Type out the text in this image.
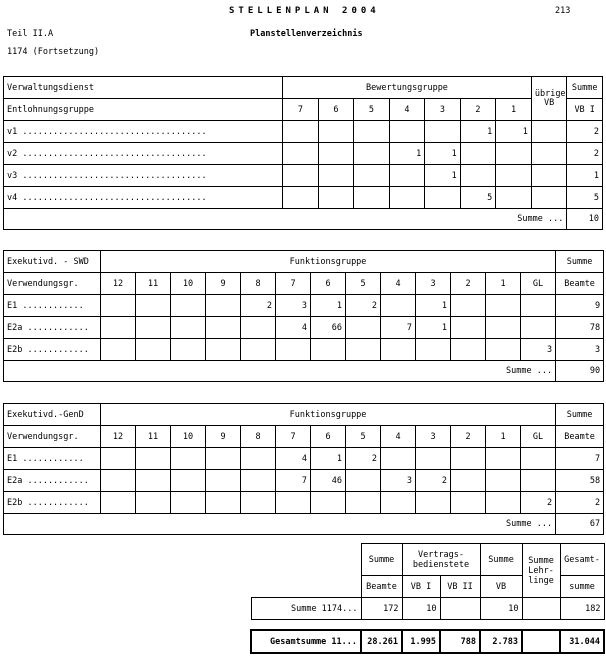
STELLENPLAN 2004	213
Teil II.A	Planstellenverzeichnis
1174 (Fortsetzung)
Verwaltungsdienst	Bewertungsgruppe							übrige VB	Summe
Entlohnungsgruppe	7	6	5	4	3	2	1		VB I
v1 ....................................						1	1		2
v2 ....................................				1	1				2
v3 ....................................					1				1
v4 ....................................						5			5
Summe ...									10
Exekutivd. - SWD	Funktionsgruppe													Summe
Verwendungsgr.	12	11	10	9	8	7	6	5	4	3	2	1	GL	Beamte
E1 ............					2	3	1	2		1				9
E2a ............						4	66		7	1				78
E2b ............													3	3
Summe ...														90
Exekutivd.-GenD	Funktionsgruppe													Summe
Verwendungsgr.	12	11	10	9	8	7	6	5	4	3	2	1	GL	Beamte
E1 ............						4	1	2						7
E2a ............						7	46		3	2				58
E2b ............													2	2
Summe ...														67
	Summe	Vertrags-bedienstete		Summe	Summe Lehr-linge	Gesamt-
	Beamte	VB I	VB II	VB		summe
Summe 1174...	172	10		10		182

Gesamtsumme 11...	28.261	1.995	788	2.783		31.044
